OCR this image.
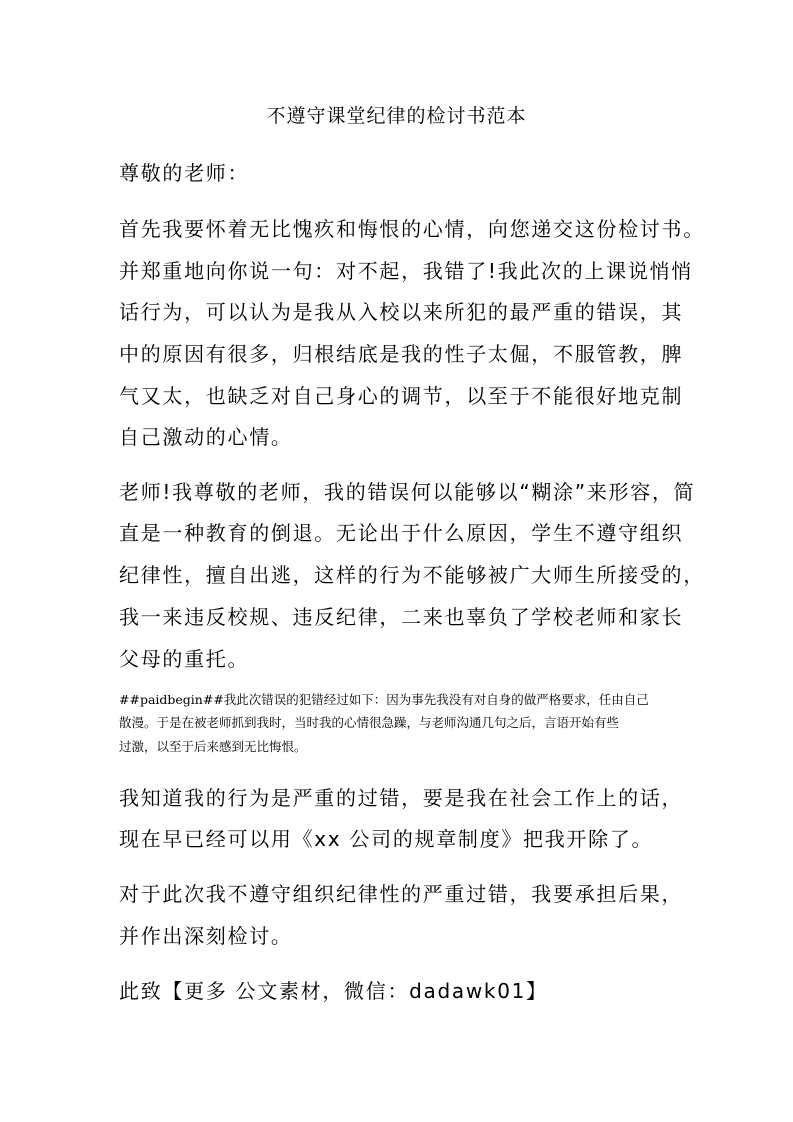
不遵守课堂纪律的检讨书范本
尊敬的老师：
首先我要怀着无比愧疚和悔恨的心情，向您递交这份检讨书。
并郑重地向你说一句：对不起，我错了!我此次的上课说悄悄
话行为，可以认为是我从入校以来所犯的最严重的错误，其
中的原因有很多，归根结底是我的性子太倔，不服管教，脾
气又太，也缺乏对自己身心的调节，以至于不能很好地克制
自己激动的心情。
老师!我尊敬的老师，我的错误何以能够以“糊涂”来形容，简
直是一种教育的倒退。无论出于什么原因，学生不遵守组织
纪律性，擅自出逃，这样的行为不能够被广大师生所接受的，
我一来违反校规、违反纪律，二来也辜负了学校老师和家长
父母的重托。
##paidbegin##我此次错误的犯错经过如下：因为事先我没有对自身的做严格要求，任由自己
散漫。于是在被老师抓到我时，当时我的心情很急躁，与老师沟通几句之后，言语开始有些
过激，以至于后来感到无比悔恨。
我知道我的行为是严重的过错，要是我在社会工作上的话，
现在早已经可以用《xx 公司的规章制度》把我开除了。
对于此次我不遵守组织纪律性的严重过错，我要承担后果，
并作出深刻检讨。
此致【更多 公文素材，微信：dadawk01】
